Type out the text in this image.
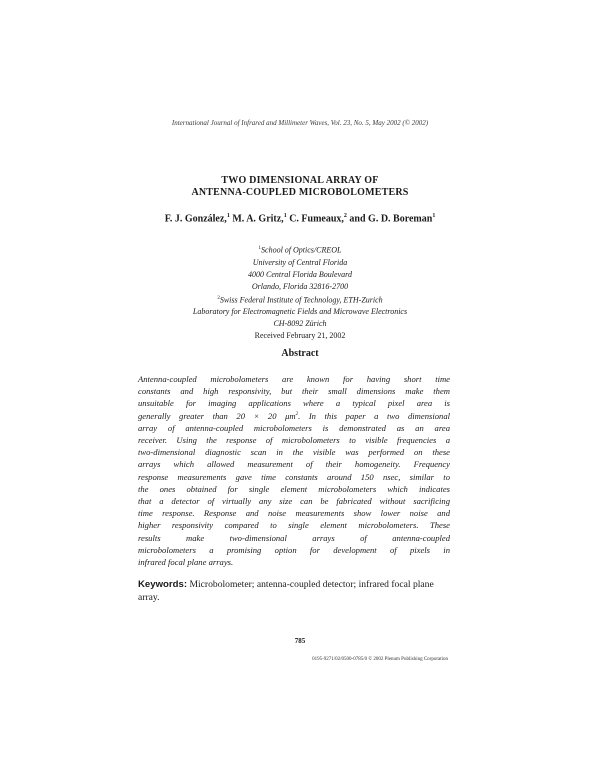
International Journal of Infrared and Millimeter Waves, Vol. 23, No. 5, May 2002 (© 2002)
TWO DIMENSIONAL ARRAY OF
ANTENNA-COUPLED MICROBOLOMETERS
F. J. González,$^1$ M. A. Gritz,$^1$ C. Fumeaux,$^2$ and G. D. Boreman$^1$
$^1$School of Optics/CREOL
University of Central Florida
4000 Central Florida Boulevard
Orlando, Florida 32816-2700
$^2$Swiss Federal Institute of Technology, ETH-Zurich
Laboratory for Electromagnetic Fields and Microwave Electronics
CH-8092 Zürich
Received February 21, 2002
Abstract
Antenna-coupled microbolometers are known for having short time
constants and high responsivity, but their small dimensions make them
unsuitable for imaging applications where a typical pixel area is
generally greater than 20 × 20 $\mu m^2$. In this paper a two dimensional
array of antenna-coupled microbolometers is demonstrated as an area
receiver. Using the response of microbolometers to visible frequencies a
two-dimensional diagnostic scan in the visible was performed on these
arrays which allowed measurement of their homogeneity. Frequency
response measurements gave time constants around 150 nsec, similar to
the ones obtained for single element microbolometers which indicates
that a detector of virtually any size can be fabricated without sacrificing
time response. Response and noise measurements show lower noise and
higher responsivity compared to single element microbolometers. These
results make two-dimensional arrays of antenna-coupled
microbolometers a promising option for development of pixels in
infrared focal plane arrays.
Keywords: Microbolometer; antenna-coupled detector; infrared focal plane array.
785
0195-9271/02/0500-0785/0 © 2002 Plenum Publishing Corporation
